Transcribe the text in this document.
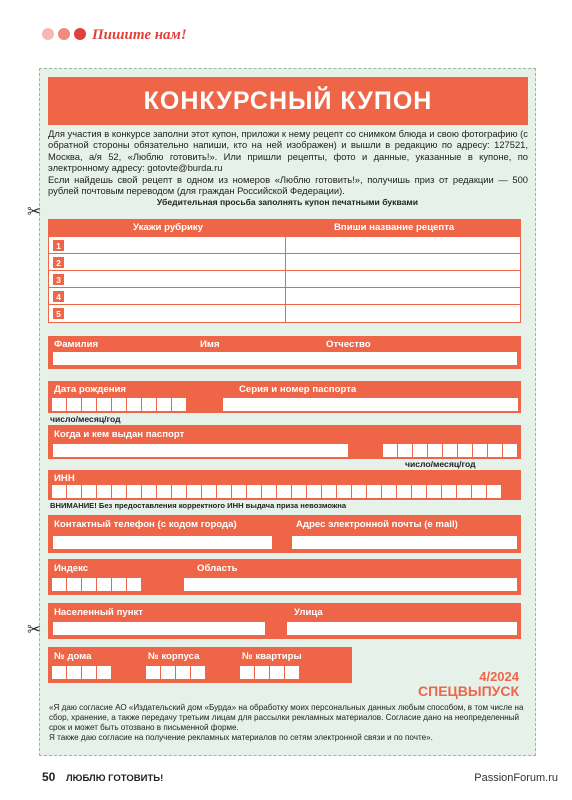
Пишите нам!
КОНКУРСНЫЙ КУПОН
Для участия в конкурсе заполни этот купон, приложи к нему рецепт со снимком блюда и свою фотографию (с обратной стороны обязательно напиши, кто на ней изображен) и вышли в редакцию по адресу: 127521, Москва, а/я 52, «Люблю готовить!». Или пришли рецепты, фото и данные, указанные в купоне, по электронному адресу: gotovte@burda.ru
Если найдешь свой рецепт в одном из номеров «Люблю готовить!», получишь приз от редакции — 500 рублей почтовым переводом (для граждан Российской Федерации).
Убедительная просьба заполнять купон печатными буквами
Укажи рубрику	Впиши название рецепта
1
2
3
4
5
Фамилия	Имя	Отчество
Дата рождения	Серия и номер паспорта
число/месяц/год
Когда и кем выдан паспорт
число/месяц/год
ИНН
ВНИМАНИЕ! Без предоставления корректного ИНН выдача приза невозможна
Контактный телефон (с кодом города)	Адрес электронной почты (e mail)
Индекс	Область
Населенный пункт	Улица
№ дома	№ корпуса	№ квартиры
4/2024
СПЕЦВЫПУСК
«Я даю согласие АО «Издательский дом «Бурда» на обработку моих персональных данных любым способом, в том числе на сбор, хранение, а также передачу третьим лицам для рассылки рекламных материалов. Согласие дано на неопределенный срок и может быть отозвано в письменной форме.
Я также даю согласие на получение рекламных материалов по сетям электронной связи и по почте».
✂
✂
50 ЛЮБЛЮ ГОТОВИТЬ!	PassionForum.ru
